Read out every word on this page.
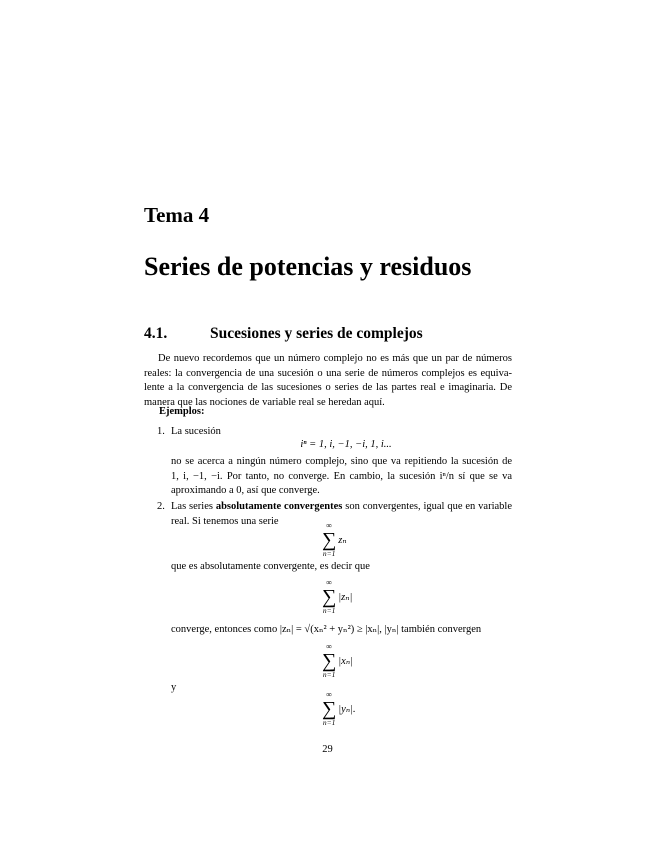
Tema 4
Series de potencias y residuos
4.1.	Sucesiones y series de complejos
De nuevo recordemos que un número complejo no es más que un par de números
reales: la convergencia de una sucesión o una serie de números complejos es equiva-
lente a la convergencia de las sucesiones o series de las partes real e imaginaria. De
manera que las nociones de variable real se heredan aquí.
Ejemplos:
1. La sucesión
iⁿ = 1, i, −1, −i, 1, i...
no se acerca a ningún número complejo, sino que va repitiendo la sucesión de
1, i, −1, −i. Por tanto, no converge. En cambio, la sucesión iⁿ/n sí que se va
aproximando a 0, así que converge.
2. Las series absolutamente convergentes son convergentes, igual que en variable
real. Si tenemos una serie	∞
∑
n=1
zₙ
que es absolutamente convergente, es decir que
∞
∑
n=1
|zₙ|
converge, entonces como |zₙ| = √(xₙ² + yₙ²) ≥ |xₙ|, |yₙ| también convergen
∞
∑
n=1
|xₙ|
y
∞
∑
n=1
|yₙ|.
29
